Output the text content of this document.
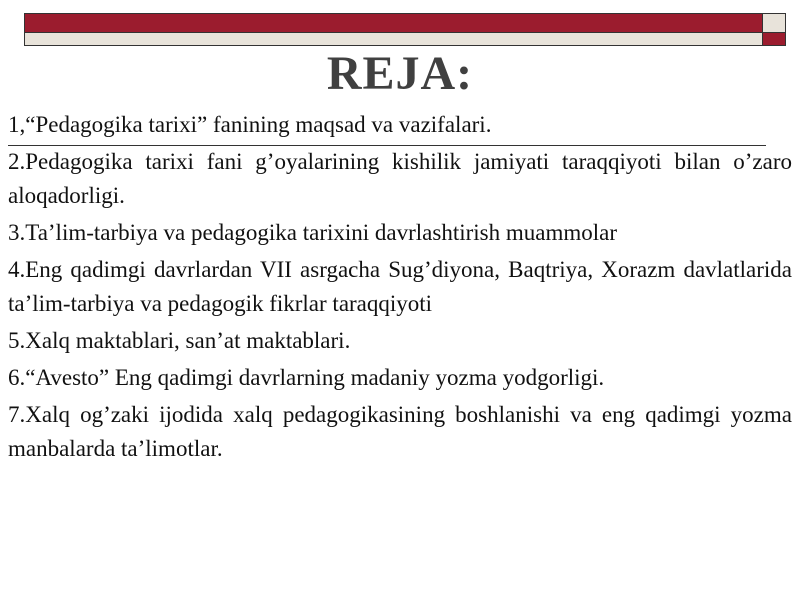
REJA:

1,“Pedagogika tarixi” fanining maqsad va vazifalari.

2.Pedagogika tarixi fani g’oyalarining kishilik jamiyati taraqqiyoti bilan o’zaro aloqadorligi.

3.Ta’lim-tarbiya va pedagogika tarixini davrlashtirish muammolar

4.Eng qadimgi davrlardan VII asrgacha Sug’diyona, Baqtriya, Xorazm davlatlarida ta’lim-tarbiya va pedagogik fikrlar taraqqiyoti

5.Xalq maktablari, san’at maktablari.

6.“Avesto” Eng qadimgi davrlarning madaniy yozma yodgorligi.

7.Xalq og’zaki ijodida xalq pedagogikasining boshlanishi va eng qadimgi yozma manbalarda ta’limotlar.
